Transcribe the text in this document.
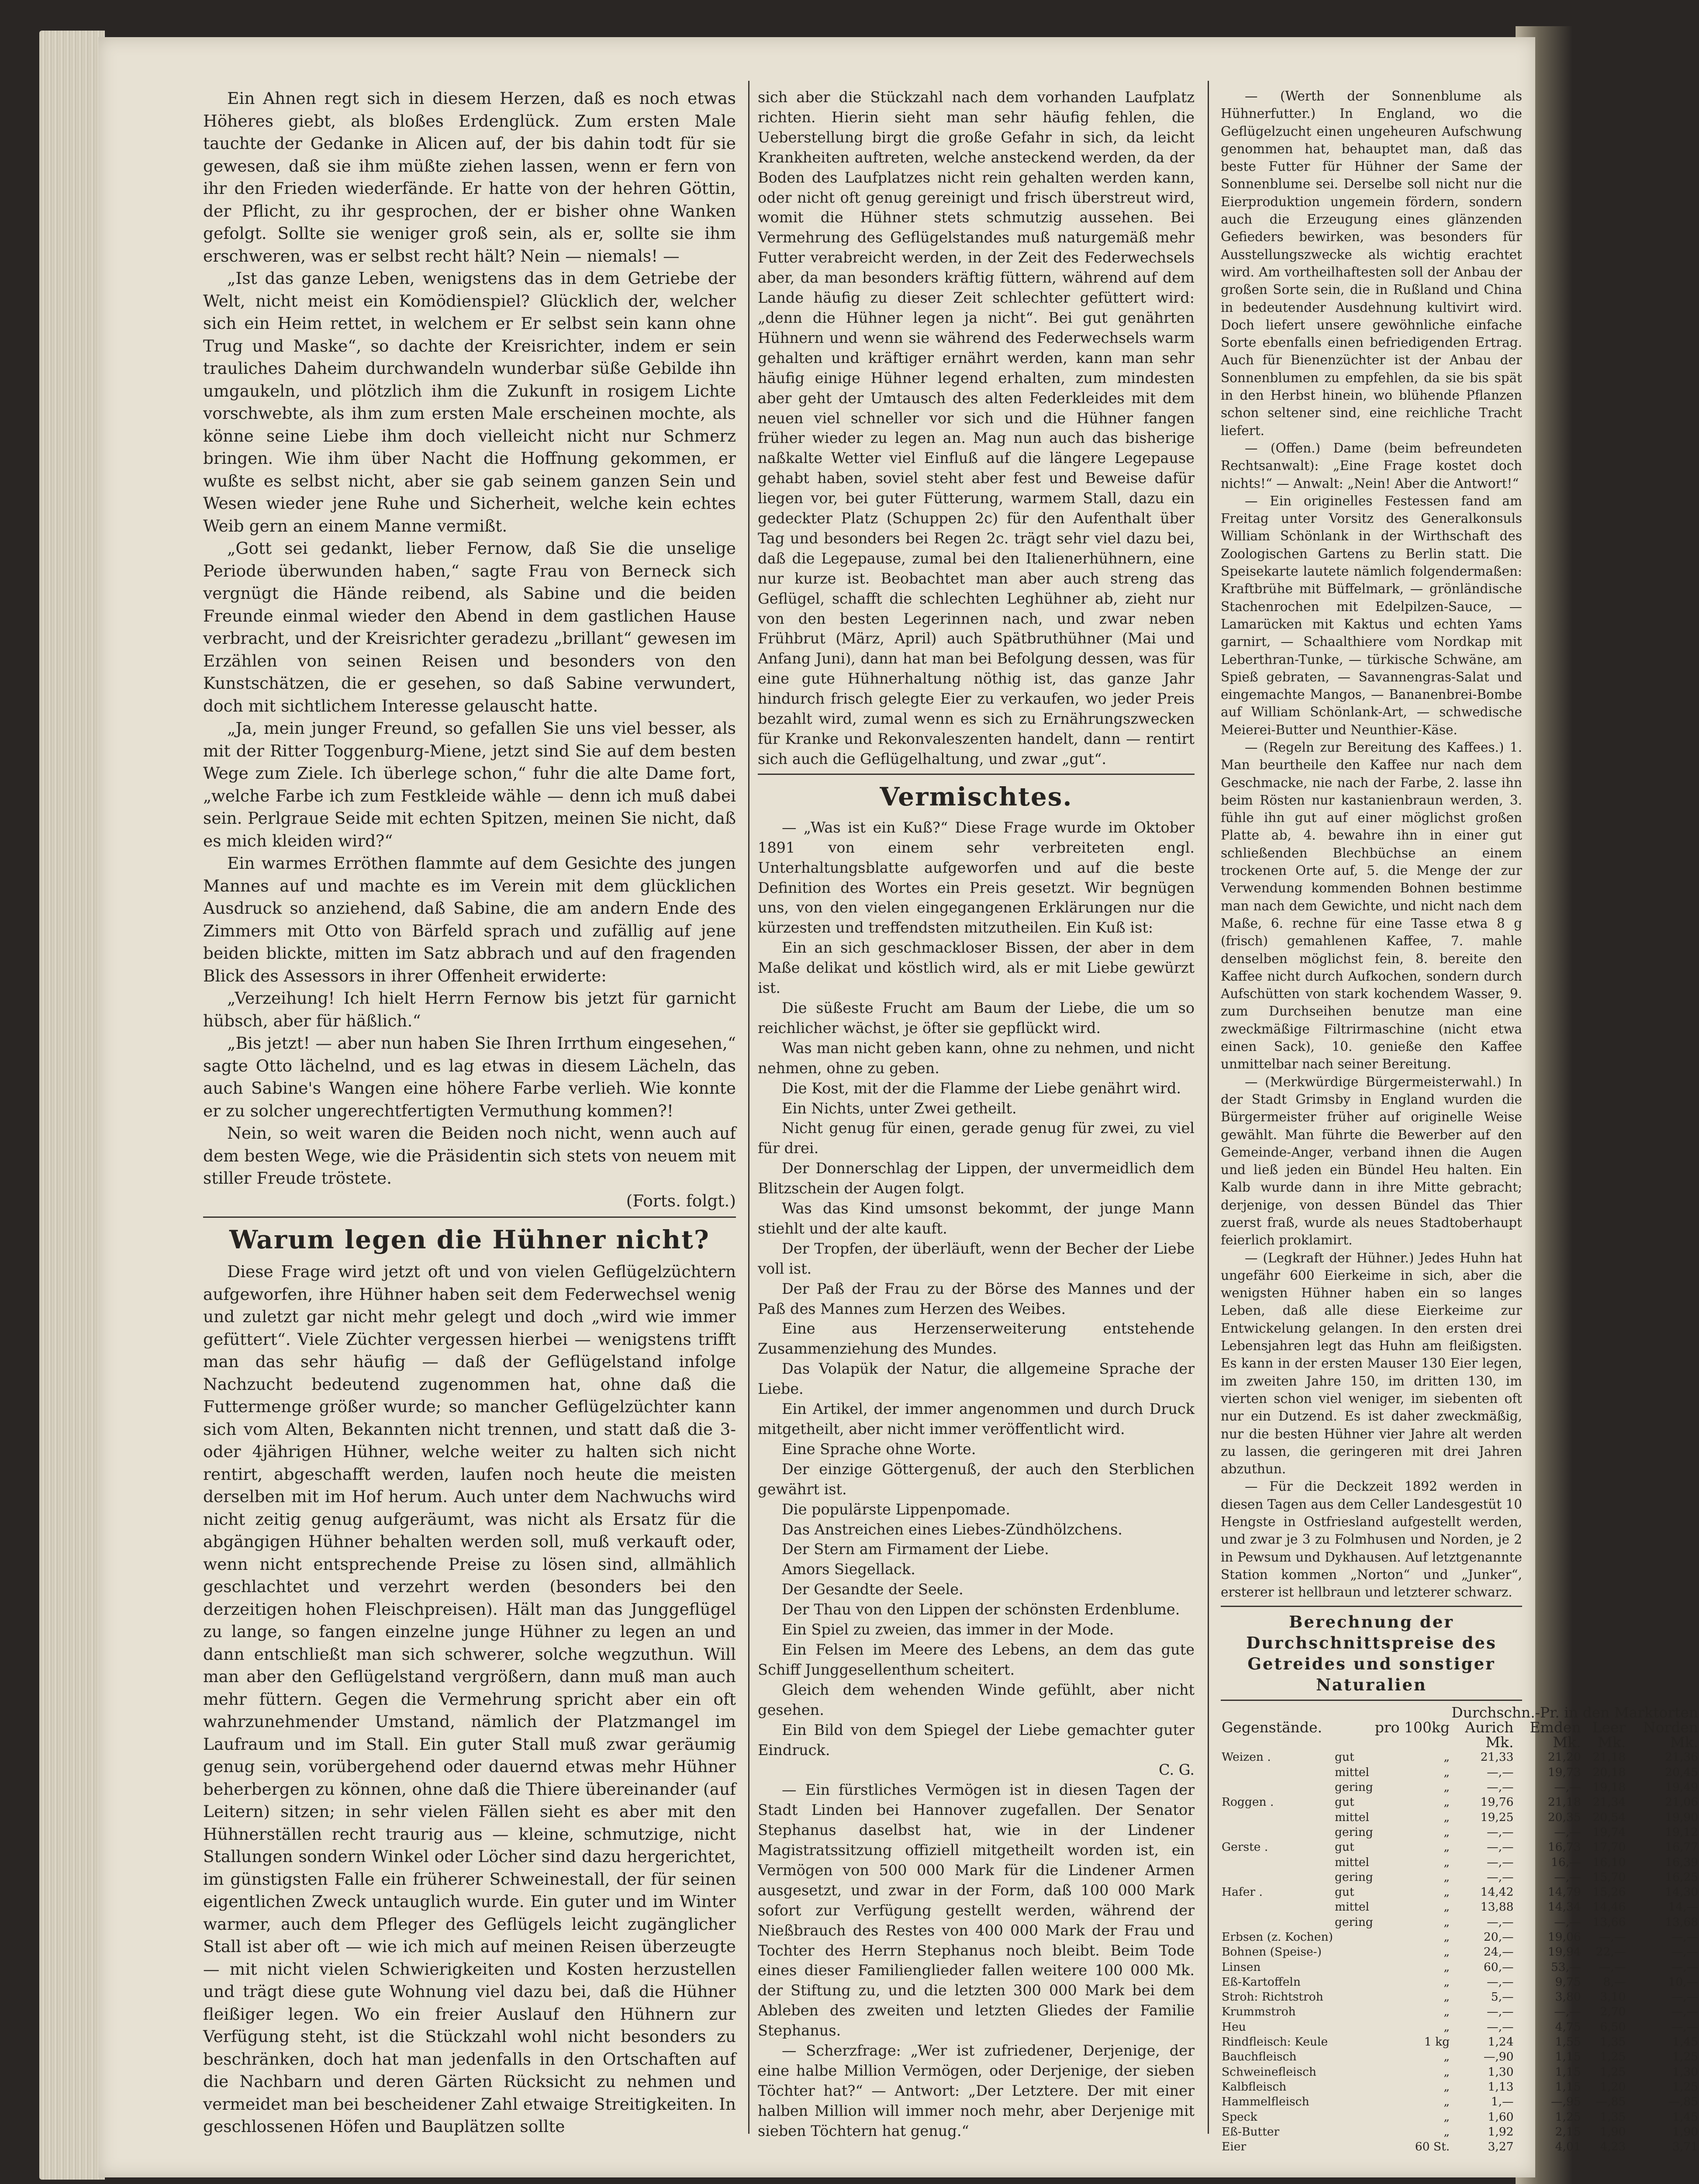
Ein Ahnen regt sich in diesem Herzen, daß es noch etwas Höheres giebt, als bloßes Erdenglück. Zum ersten Male tauchte der Gedanke in Alicen auf, der bis dahin todt für sie gewesen, daß sie ihm müßte ziehen lassen, wenn er fern von ihr den Frieden wiederfände. Er hatte von der hehren Göttin, der Pflicht, zu ihr gesprochen, der er bisher ohne Wanken gefolgt. Sollte sie weniger groß sein, als er, sollte sie ihm erschweren, was er selbst recht hält? Nein — niemals! —

„Ist das ganze Leben, wenigstens das in dem Getriebe der Welt, nicht meist ein Komödienspiel? Glücklich der, welcher sich ein Heim rettet, in welchem er Er selbst sein kann ohne Trug und Maske“, so dachte der Kreisrichter, indem er sein trauliches Daheim durchwandeln wunderbar süße Gebilde ihn umgaukeln, und plötzlich ihm die Zukunft in rosigem Lichte vorschwebte, als ihm zum ersten Male erscheinen mochte, als könne seine Liebe ihm doch vielleicht nicht nur Schmerz bringen. Wie ihm über Nacht die Hoffnung gekommen, er wußte es selbst nicht, aber sie gab seinem ganzen Sein und Wesen wieder jene Ruhe und Sicherheit, welche kein echtes Weib gern an einem Manne vermißt.

„Gott sei gedankt, lieber Fernow, daß Sie die unselige Periode überwunden haben,“ sagte Frau von Berneck sich vergnügt die Hände reibend, als Sabine und die beiden Freunde einmal wieder den Abend in dem gastlichen Hause verbracht, und der Kreisrichter geradezu „brillant“ gewesen im Erzählen von seinen Reisen und besonders von den Kunstschätzen, die er gesehen, so daß Sabine verwundert, doch mit sichtlichem Interesse gelauscht hatte.

„Ja, mein junger Freund, so gefallen Sie uns viel besser, als mit der Ritter Toggenburg-Miene, jetzt sind Sie auf dem besten Wege zum Ziele. Ich überlege schon,“ fuhr die alte Dame fort, „welche Farbe ich zum Festkleide wähle — denn ich muß dabei sein. Perlgraue Seide mit echten Spitzen, meinen Sie nicht, daß es mich kleiden wird?“

Ein warmes Erröthen flammte auf dem Gesichte des jungen Mannes auf und machte es im Verein mit dem glücklichen Ausdruck so anziehend, daß Sabine, die am andern Ende des Zimmers mit Otto von Bärfeld sprach und zufällig auf jene beiden blickte, mitten im Satz abbrach und auf den fragenden Blick des Assessors in ihrer Offenheit erwiderte:

„Verzeihung! Ich hielt Herrn Fernow bis jetzt für garnicht hübsch, aber für häßlich.“

„Bis jetzt! — aber nun haben Sie Ihren Irrthum eingesehen,“ sagte Otto lächelnd, und es lag etwas in diesem Lächeln, das auch Sabine's Wangen eine höhere Farbe verlieh. Wie konnte er zu solcher ungerechtfertigten Vermuthung kommen?!

Nein, so weit waren die Beiden noch nicht, wenn auch auf dem besten Wege, wie die Präsidentin sich stets von neuem mit stiller Freude tröstete.

(Forts. folgt.)

Warum legen die Hühner nicht?

Diese Frage wird jetzt oft und von vielen Geflügelzüchtern aufgeworfen, ihre Hühner haben seit dem Federwechsel wenig und zuletzt gar nicht mehr gelegt und doch „wird wie immer gefüttert“. Viele Züchter vergessen hierbei — wenigstens trifft man das sehr häufig — daß der Geflügelstand infolge Nachzucht bedeutend zugenommen hat, ohne daß die Futtermenge größer wurde; so mancher Geflügelzüchter kann sich vom Alten, Bekannten nicht trennen, und statt daß die 3- oder 4jährigen Hühner, welche weiter zu halten sich nicht rentirt, abgeschafft werden, laufen noch heute die meisten derselben mit im Hof herum. Auch unter dem Nachwuchs wird nicht zeitig genug aufgeräumt, was nicht als Ersatz für die abgängigen Hühner behalten werden soll, muß verkauft oder, wenn nicht entsprechende Preise zu lösen sind, allmählich geschlachtet und verzehrt werden (besonders bei den derzeitigen hohen Fleischpreisen). Hält man das Junggeflügel zu lange, so fangen einzelne junge Hühner zu legen an und dann entschließt man sich schwerer, solche wegzuthun. Will man aber den Geflügelstand vergrößern, dann muß man auch mehr füttern. Gegen die Vermehrung spricht aber ein oft wahrzunehmender Umstand, nämlich der Platzmangel im Laufraum und im Stall. Ein guter Stall muß zwar geräumig genug sein, vorübergehend oder dauernd etwas mehr Hühner beherbergen zu können, ohne daß die Thiere übereinander (auf Leitern) sitzen; in sehr vielen Fällen sieht es aber mit den Hühnerställen recht traurig aus — kleine, schmutzige, nicht Stallungen sondern Winkel oder Löcher sind dazu hergerichtet, im günstigsten Falle ein früherer Schweinestall, der für seinen eigentlichen Zweck untauglich wurde. Ein guter und im Winter warmer, auch dem Pfleger des Geflügels leicht zugänglicher Stall ist aber oft — wie ich mich auf meinen Reisen überzeugte — mit nicht vielen Schwierigkeiten und Kosten herzustellen und trägt diese gute Wohnung viel dazu bei, daß die Hühner fleißiger legen. Wo ein freier Auslauf den Hühnern zur Verfügung steht, ist die Stückzahl wohl nicht besonders zu beschränken, doch hat man jedenfalls in den Ortschaften auf die Nachbarn und deren Gärten Rücksicht zu nehmen und vermeidet man bei bescheidener Zahl etwaige Streitigkeiten. In geschlossenen Höfen und Bauplätzen sollte

sich aber die Stückzahl nach dem vorhanden Laufplatz richten. Hierin sieht man sehr häufig fehlen, die Ueberstellung birgt die große Gefahr in sich, da leicht Krankheiten auftreten, welche ansteckend werden, da der Boden des Laufplatzes nicht rein gehalten werden kann, oder nicht oft genug gereinigt und frisch überstreut wird, womit die Hühner stets schmutzig aussehen. Bei Vermehrung des Geflügelstandes muß naturgemäß mehr Futter verabreicht werden, in der Zeit des Federwechsels aber, da man besonders kräftig füttern, während auf dem Lande häufig zu dieser Zeit schlechter gefüttert wird: „denn die Hühner legen ja nicht“. Bei gut genährten Hühnern und wenn sie während des Federwechsels warm gehalten und kräftiger ernährt werden, kann man sehr häufig einige Hühner legend erhalten, zum mindesten aber geht der Umtausch des alten Federkleides mit dem neuen viel schneller vor sich und die Hühner fangen früher wieder zu legen an. Mag nun auch das bisherige naßkalte Wetter viel Einfluß auf die längere Legepause gehabt haben, soviel steht aber fest und Beweise dafür liegen vor, bei guter Fütterung, warmem Stall, dazu ein gedeckter Platz (Schuppen 2c) für den Aufenthalt über Tag und besonders bei Regen 2c. trägt sehr viel dazu bei, daß die Legepause, zumal bei den Italienerhühnern, eine nur kurze ist. Beobachtet man aber auch streng das Geflügel, schafft die schlechten Leghühner ab, zieht nur von den besten Legerinnen nach, und zwar neben Frühbrut (März, April) auch Spätbruthühner (Mai und Anfang Juni), dann hat man bei Befolgung dessen, was für eine gute Hühnerhaltung nöthig ist, das ganze Jahr hindurch frisch gelegte Eier zu verkaufen, wo jeder Preis bezahlt wird, zumal wenn es sich zu Ernährungszwecken für Kranke und Rekonvaleszenten handelt, dann — rentirt sich auch die Geflügelhaltung, und zwar „gut“.

Vermischtes.

— „Was ist ein Kuß?“ Diese Frage wurde im Oktober 1891 von einem sehr verbreiteten engl. Unterhaltungsblatte aufgeworfen und auf die beste Definition des Wortes ein Preis gesetzt. Wir begnügen uns, von den vielen eingegangenen Erklärungen nur die kürzesten und treffendsten mitzutheilen. Ein Kuß ist:

Ein an sich geschmackloser Bissen, der aber in dem Maße delikat und köstlich wird, als er mit Liebe gewürzt ist.

Die süßeste Frucht am Baum der Liebe, die um so reichlicher wächst, je öfter sie gepflückt wird.

Was man nicht geben kann, ohne zu nehmen, und nicht nehmen, ohne zu geben.

Die Kost, mit der die Flamme der Liebe genährt wird.

Ein Nichts, unter Zwei getheilt.

Nicht genug für einen, gerade genug für zwei, zu viel für drei.

Der Donnerschlag der Lippen, der unvermeidlich dem Blitzschein der Augen folgt.

Was das Kind umsonst bekommt, der junge Mann stiehlt und der alte kauft.

Der Tropfen, der überläuft, wenn der Becher der Liebe voll ist.

Der Paß der Frau zu der Börse des Mannes und der Paß des Mannes zum Herzen des Weibes.

Eine aus Herzenserweiterung entstehende Zusammenziehung des Mundes.

Das Volapük der Natur, die allgemeine Sprache der Liebe.

Ein Artikel, der immer angenommen und durch Druck mitgetheilt, aber nicht immer veröffentlicht wird.

Eine Sprache ohne Worte.

Der einzige Göttergenuß, der auch den Sterblichen gewährt ist.

Die populärste Lippenpomade.

Das Anstreichen eines Liebes-Zündhölzchens.

Der Stern am Firmament der Liebe.

Amors Siegellack.

Der Gesandte der Seele.

Der Thau von den Lippen der schönsten Erdenblume.

Ein Spiel zu zweien, das immer in der Mode.

Ein Felsen im Meere des Lebens, an dem das gute Schiff Junggesellenthum scheitert.

Gleich dem wehenden Winde gefühlt, aber nicht gesehen.

Ein Bild von dem Spiegel der Liebe gemachter guter Eindruck.

C. G.

— Ein fürstliches Vermögen ist in diesen Tagen der Stadt Linden bei Hannover zugefallen. Der Senator Stephanus daselbst hat, wie in der Lindener Magistratssitzung offiziell mitgetheilt worden ist, ein Vermögen von 500 000 Mark für die Lindener Armen ausgesetzt, und zwar in der Form, daß 100 000 Mark sofort zur Verfügung gestellt werden, während der Nießbrauch des Restes von 400 000 Mark der Frau und Tochter des Herrn Stephanus noch bleibt. Beim Tode eines dieser Familienglieder fallen weitere 100 000 Mk. der Stiftung zu, und die letzten 300 000 Mark bei dem Ableben des zweiten und letzten Gliedes der Familie Stephanus.

— Scherzfrage: „Wer ist zufriedener, Derjenige, der eine halbe Million Vermögen, oder Derjenige, der sieben Töchter hat?“ — Antwort: „Der Letztere. Der mit einer halben Million will immer noch mehr, aber Derjenige mit sieben Töchtern hat genug.“

— (Werth der Sonnenblume als Hühnerfutter.) In England, wo die Geflügelzucht einen ungeheuren Aufschwung genommen hat, behauptet man, daß das beste Futter für Hühner der Same der Sonnenblume sei. Derselbe soll nicht nur die Eierproduktion ungemein fördern, sondern auch die Erzeugung eines glänzenden Gefieders bewirken, was besonders für Ausstellungszwecke als wichtig erachtet wird. Am vortheilhaftesten soll der Anbau der großen Sorte sein, die in Rußland und China in bedeutender Ausdehnung kultivirt wird. Doch liefert unsere gewöhnliche einfache Sorte ebenfalls einen befriedigenden Ertrag. Auch für Bienenzüchter ist der Anbau der Sonnenblumen zu empfehlen, da sie bis spät in den Herbst hinein, wo blühende Pflanzen schon seltener sind, eine reichliche Tracht liefert.

— (Offen.) Dame (beim befreundeten Rechtsanwalt): „Eine Frage kostet doch nichts!“ — Anwalt: „Nein! Aber die Antwort!“

— Ein originelles Festessen fand am Freitag unter Vorsitz des Generalkonsuls William Schönlank in der Wirthschaft des Zoologischen Gartens zu Berlin statt. Die Speisekarte lautete nämlich folgendermaßen: Kraftbrühe mit Büffelmark, — grönländische Stachenrochen mit Edelpilzen-Sauce, — Lamarücken mit Kaktus und echten Yams garnirt, — Schaalthiere vom Nordkap mit Leberthran-Tunke, — türkische Schwäne, am Spieß gebraten, — Savannengras-Salat und eingemachte Mangos, — Bananenbrei-Bombe auf William Schönlank-Art, — schwedische Meierei-Butter und Neunthier-Käse.

— (Regeln zur Bereitung des Kaffees.) 1. Man beurtheile den Kaffee nur nach dem Geschmacke, nie nach der Farbe, 2. lasse ihn beim Rösten nur kastanienbraun werden, 3. fühle ihn gut auf einer möglichst großen Platte ab, 4. bewahre ihn in einer gut schließenden Blechbüchse an einem trockenen Orte auf, 5. die Menge der zur Verwendung kommenden Bohnen bestimme man nach dem Gewichte, und nicht nach dem Maße, 6. rechne für eine Tasse etwa 8 g (frisch) gemahlenen Kaffee, 7. mahle denselben möglichst fein, 8. bereite den Kaffee nicht durch Aufkochen, sondern durch Aufschütten von stark kochendem Wasser, 9. zum Durchseihen benutze man eine zweckmäßige Filtrirmaschine (nicht etwa einen Sack), 10. genieße den Kaffee unmittelbar nach seiner Bereitung.

— (Merkwürdige Bürgermeisterwahl.) In der Stadt Grimsby in England wurden die Bürgermeister früher auf originelle Weise gewählt. Man führte die Bewerber auf den Gemeinde-Anger, verband ihnen die Augen und ließ jeden ein Bündel Heu halten. Ein Kalb wurde dann in ihre Mitte gebracht; derjenige, von dessen Bündel das Thier zuerst fraß, wurde als neues Stadtoberhaupt feierlich proklamirt.

— (Legkraft der Hühner.) Jedes Huhn hat ungefähr 600 Eierkeime in sich, aber die wenigsten Hühner haben ein so langes Leben, daß alle diese Eierkeime zur Entwickelung gelangen. In den ersten drei Lebensjahren legt das Huhn am fleißigsten. Es kann in der ersten Mauser 130 Eier legen, im zweiten Jahre 150, im dritten 130, im vierten schon viel weniger, im siebenten oft nur ein Dutzend. Es ist daher zweckmäßig, nur die besten Hühner vier Jahre alt werden zu lassen, die geringeren mit drei Jahren abzuthun.

— Für die Deckzeit 1892 werden in diesen Tagen aus dem Celler Landesgestüt 10 Hengste in Ostfriesland aufgestellt werden, und zwar je 3 zu Folmhusen und Norden, je 2 in Pewsum und Dykhausen. Auf letztgenannte Station kommen „Norton“ und „Junker“, ersterer ist hellbraun und letzterer schwarz.

Berechnung der Durchschnittspreise des Getreides und sonstiger Naturalien
			Durchschn.-Pr. in den Marktorten			
Gegenstände.		pro 100kg	Aurich	Emden	Leer	Norden
			Mk.	Mk.	Mk.	Mk.
Weizen .	gut	„	21,33	21,20	21,18	21,36
	mittel	„	—,—	19,73	20,18	20,45
	gering	„	—,—	—,—	19,18	19,49
Roggen .	gut	„	19,76	21,18	21,34	21,06
	mittel	„	19,25	20,35	20,54	19,90
	gering	„	—,—	—,—	19,74	19,12
Gerste .	gut	„	—,—	16,73	17,70	16,77
	mittel	„	—,—	16,—	16,10	16,39
	gering	„	—,—	—,—	15,70	16,25
Hafer .	gut	„	14,42	14,79	15,26	14,30
	mittel	„	13,88	14,34	14,46	14,—
	gering	„	—,—	—,—	13,66	13,68
Erbsen (z. Kochen)		„	20,—	19,06	—,—	—,—
Bohnen (Speise-)		„	24,—	19,94	22,—	—,—
Linsen		„	60,—	53,—	—,—	—,—
Eß-Kartoffeln		„	—,—	9,75	8,—	10,—
Stroh: Richtstroh		„	5,—	3,80	3,10	—,—
Krummstroh		„	—,—	—,—	2,70	—,—
Heu		„	—,—	4,75	6,50	—,—
Rindfleisch: Keule		1 kg	1,24	1,55	1,35	1,45
Bauchfleisch		„	—,90	1,15	1,25	1,25
Schweinefleisch		„	1,30	1,15	1,25	1,30
Kalbfleisch		„	1,13	1,15	1,20	1,25
Hammelfleisch		„	1,—	—,95	—,85	—,85
Speck		„	1,60	1,25	1,35	1,45
Eß-Butter		„	1,92	2,15	1,90	1,90
Eier		60 St.	3,27	4,01	4,23	3,71
